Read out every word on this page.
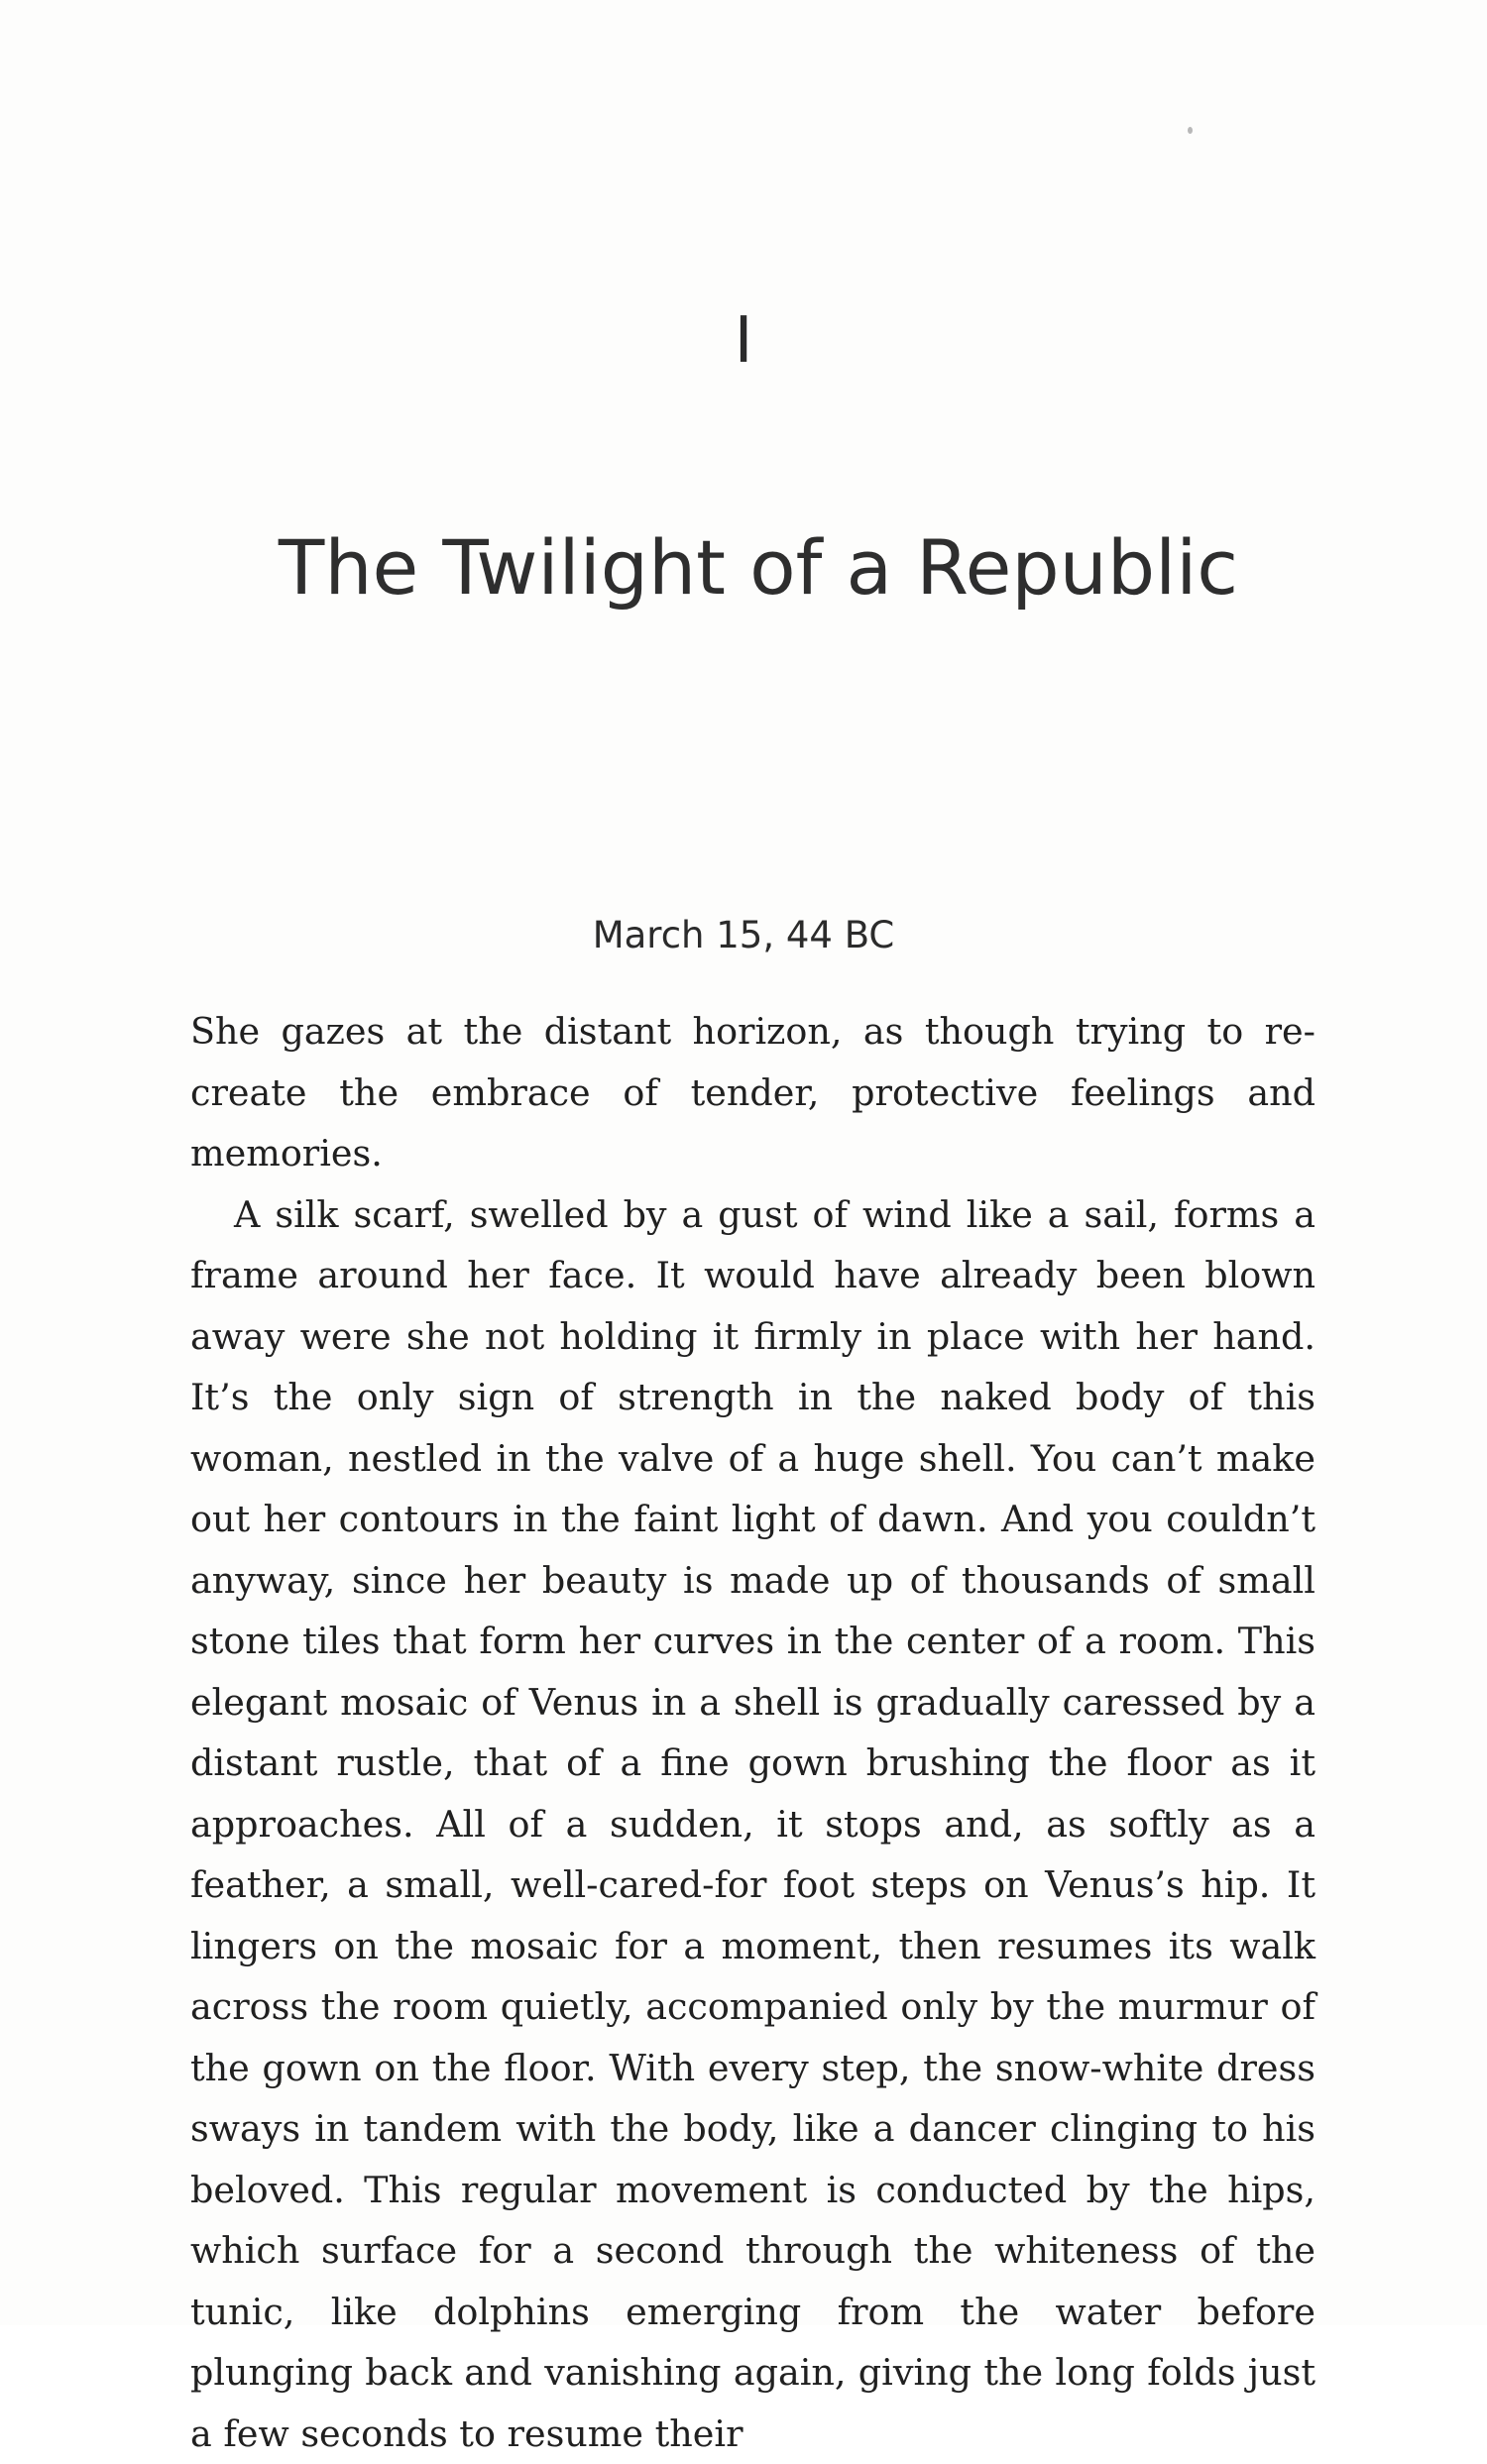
I
The Twilight of a Republic
March 15, 44 BC

She gazes at the distant horizon, as though trying to re-create the embrace of tender, protective feelings and memories.

A silk scarf, swelled by a gust of wind like a sail, forms a frame around her face. It would have already been blown away were she not holding it firmly in place with her hand. It’s the only sign of strength in the naked body of this woman, nestled in the valve of a huge shell. You can’t make out her contours in the faint light of dawn. And you couldn’t anyway, since her beauty is made up of thousands of small stone tiles that form her curves in the center of a room. This elegant mosaic of Venus in a shell is gradually caressed by a distant rustle, that of a fine gown brushing the floor as it approaches. All of a sudden, it stops and, as softly as a feather, a small, well-cared-for foot steps on Venus’s hip. It lingers on the mosaic for a moment, then resumes its walk across the room quietly, accompanied only by the murmur of the gown on the floor. With every step, the snow-white dress sways in tandem with the body, like a dancer clinging to his beloved. This regular movement is conducted by the hips, which surface for a second through the whiteness of the tunic, like dolphins emerging from the water before plunging back and vanishing again, giving the long folds just a few seconds to resume their
